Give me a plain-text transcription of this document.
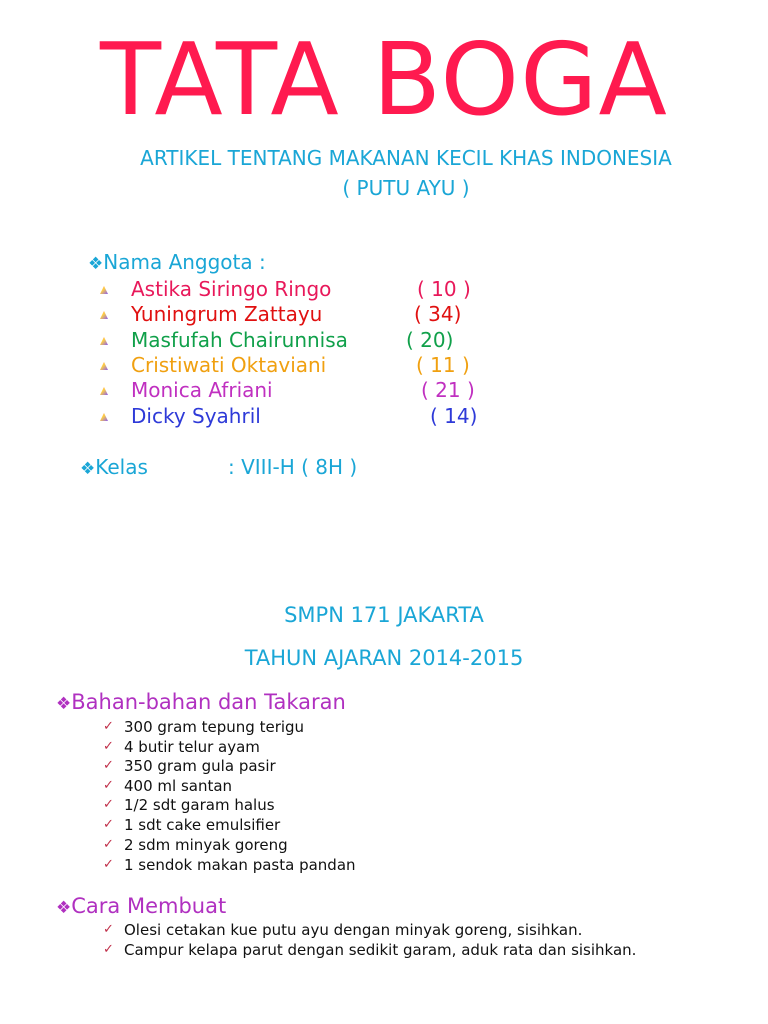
TATA BOGA
ARTIKEL TENTANG MAKANAN KECIL KHAS INDONESIA
( PUTU AYU )
❖Nama Anggota :
Astika Siringo Ringo	( 10 )
Yuningrum Zattayu	( 34)
Masfufah Chairunnisa	( 20)
Cristiwati Oktaviani	( 11 )
Monica Afriani	( 21 )
Dicky Syahril	( 14)
❖Kelas	: VIII-H ( 8H )
SMPN 171 JAKARTA
TAHUN AJARAN 2014-2015
❖Bahan-bahan dan Takaran
✓ 300 gram tepung terigu
✓ 4 butir telur ayam
✓ 350 gram gula pasir
✓ 400 ml santan
✓ 1/2 sdt garam halus
✓ 1 sdt cake emulsifier
✓ 2 sdm minyak goreng
✓ 1 sendok makan pasta pandan
❖Cara Membuat
✓ Olesi cetakan kue putu ayu dengan minyak goreng, sisihkan.
✓ Campur kelapa parut dengan sedikit garam, aduk rata dan sisihkan.
